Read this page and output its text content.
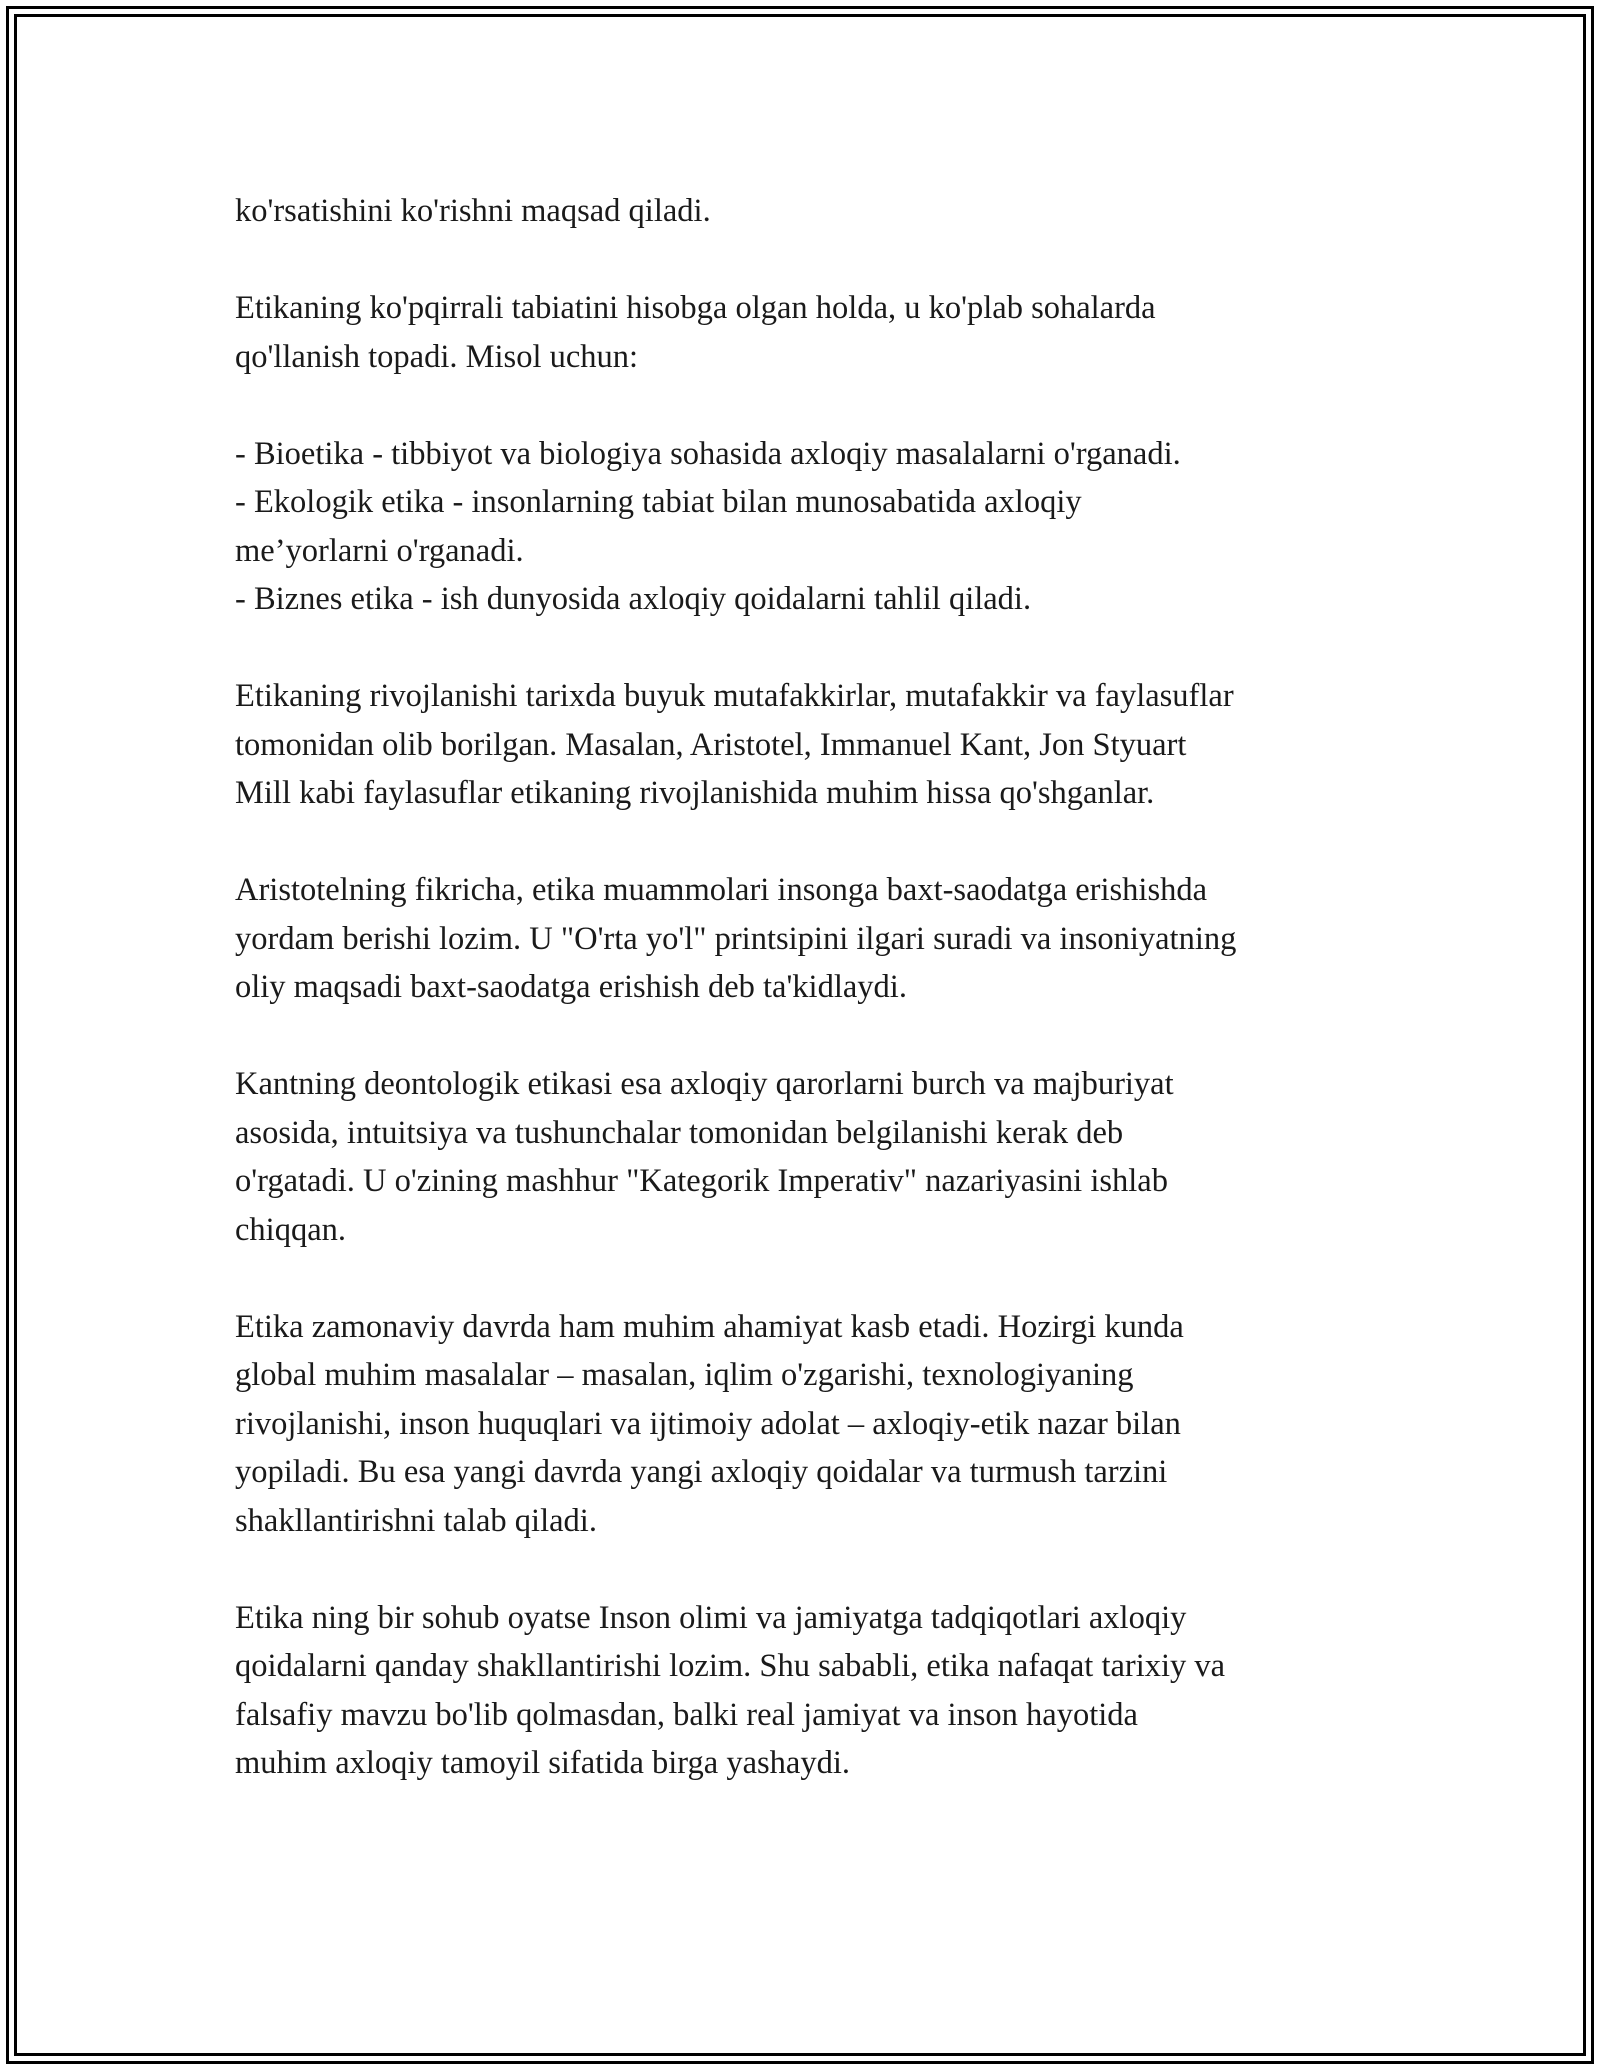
ko'rsatishini ko'rishni maqsad qiladi.

Etikaning ko'pqirrali tabiatini hisobga olgan holda, u ko'plab sohalarda
qo'llanish topadi. Misol uchun:

- Bioetika - tibbiyot va biologiya sohasida axloqiy masalalarni o'rganadi.
- Ekologik etika - insonlarning tabiat bilan munosabatida axloqiy
me’yorlarni o'rganadi.
- Biznes etika - ish dunyosida axloqiy qoidalarni tahlil qiladi.

Etikaning rivojlanishi tarixda buyuk mutafakkirlar, mutafakkir va faylasuflar
tomonidan olib borilgan. Masalan, Aristotel, Immanuel Kant, Jon Styuart
Mill kabi faylasuflar etikaning rivojlanishida muhim hissa qo'shganlar.

Aristotelning fikricha, etika muammolari insonga baxt-saodatga erishishda
yordam berishi lozim. U "O'rta yo'l" printsipini ilgari suradi va insoniyatning
oliy maqsadi baxt-saodatga erishish deb ta'kidlaydi.

Kantning deontologik etikasi esa axloqiy qarorlarni burch va majburiyat
asosida, intuitsiya va tushunchalar tomonidan belgilanishi kerak deb
o'rgatadi. U o'zining mashhur "Kategorik Imperativ" nazariyasini ishlab
chiqqan.

Etika zamonaviy davrda ham muhim ahamiyat kasb etadi. Hozirgi kunda
global muhim masalalar – masalan, iqlim o'zgarishi, texnologiyaning
rivojlanishi, inson huquqlari va ijtimoiy adolat – axloqiy-etik nazar bilan
yopiladi. Bu esa yangi davrda yangi axloqiy qoidalar va turmush tarzini
shakllantirishni talab qiladi.

Etika ning bir sohub oyatse Inson olimi va jamiyatga tadqiqotlari axloqiy
qoidalarni qanday shakllantirishi lozim. Shu sababli, etika nafaqat tarixiy va
falsafiy mavzu bo'lib qolmasdan, balki real jamiyat va inson hayotida
muhim axloqiy tamoyil sifatida birga yashaydi.
